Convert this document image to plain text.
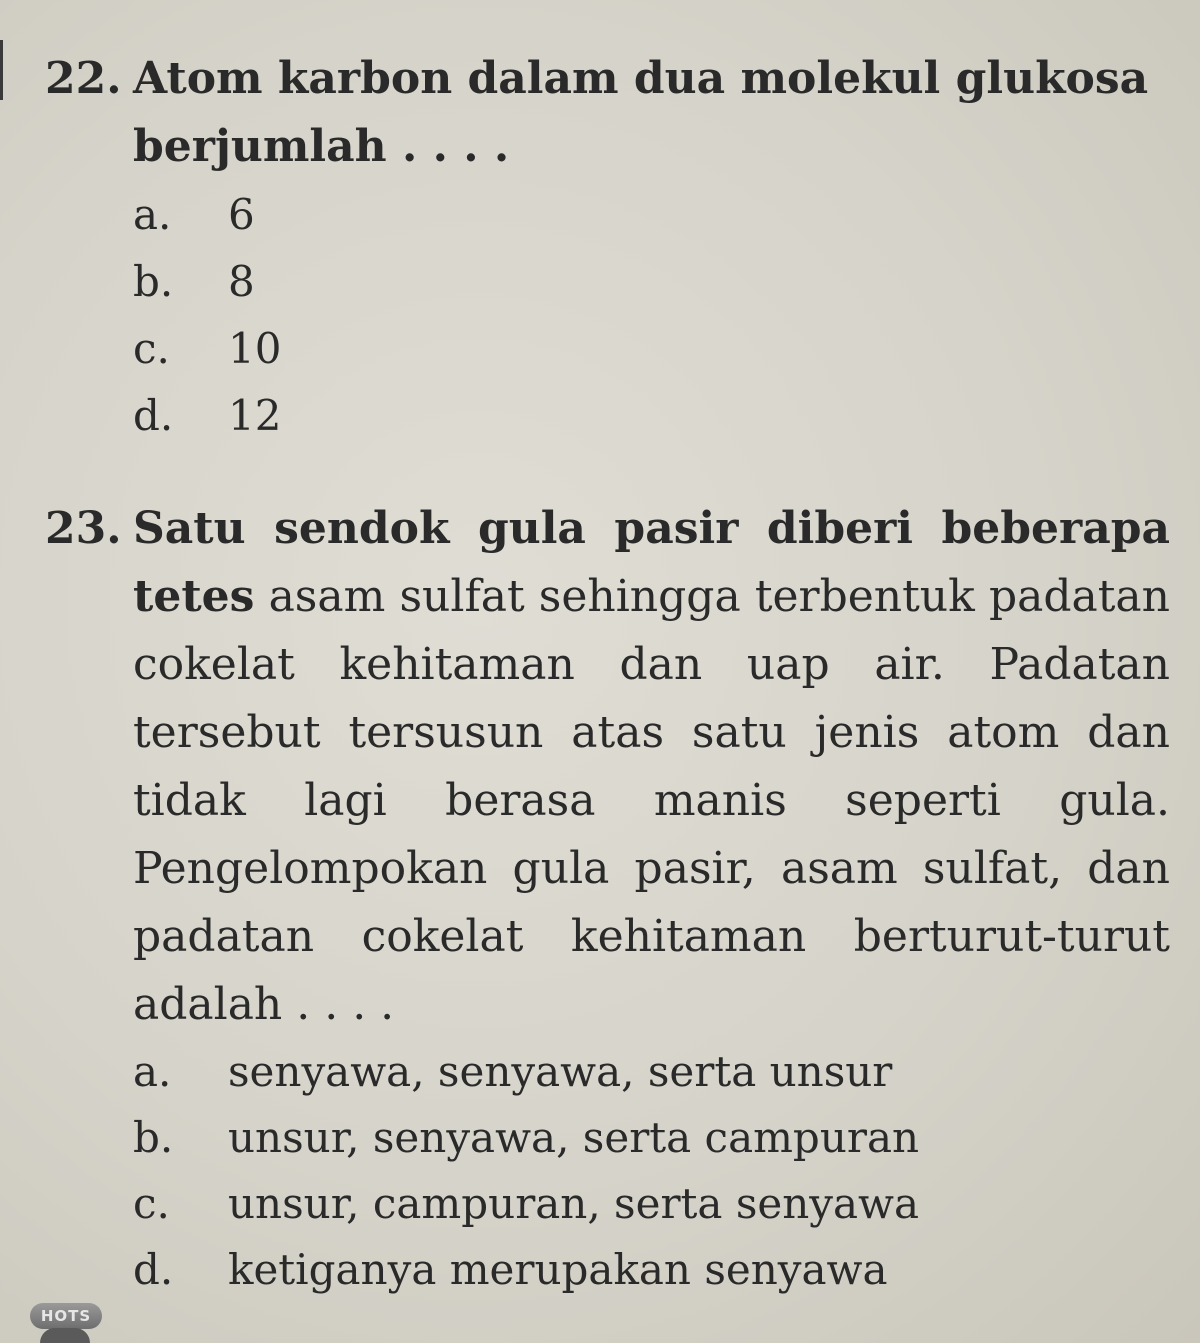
22. Atom karbon dalam dua molekul glukosa berjumlah . . . .
a.	6
b.	8
c.	10
d.	12
23. Satu sendok gula pasir diberi beberapa tetes asam sulfat sehingga terbentuk padatan cokelat kehitaman dan uap air. Padatan tersebut tersusun atas satu jenis atom dan tidak lagi berasa manis seperti gula. Pengelompokan gula pasir, asam sulfat, dan padatan cokelat kehitaman berturut-turut adalah . . . .
a.	senyawa, senyawa, serta unsur
b.	unsur, senyawa, serta campuran
c.	unsur, campuran, serta senyawa
d.	ketiganya merupakan senyawa
HOTS
